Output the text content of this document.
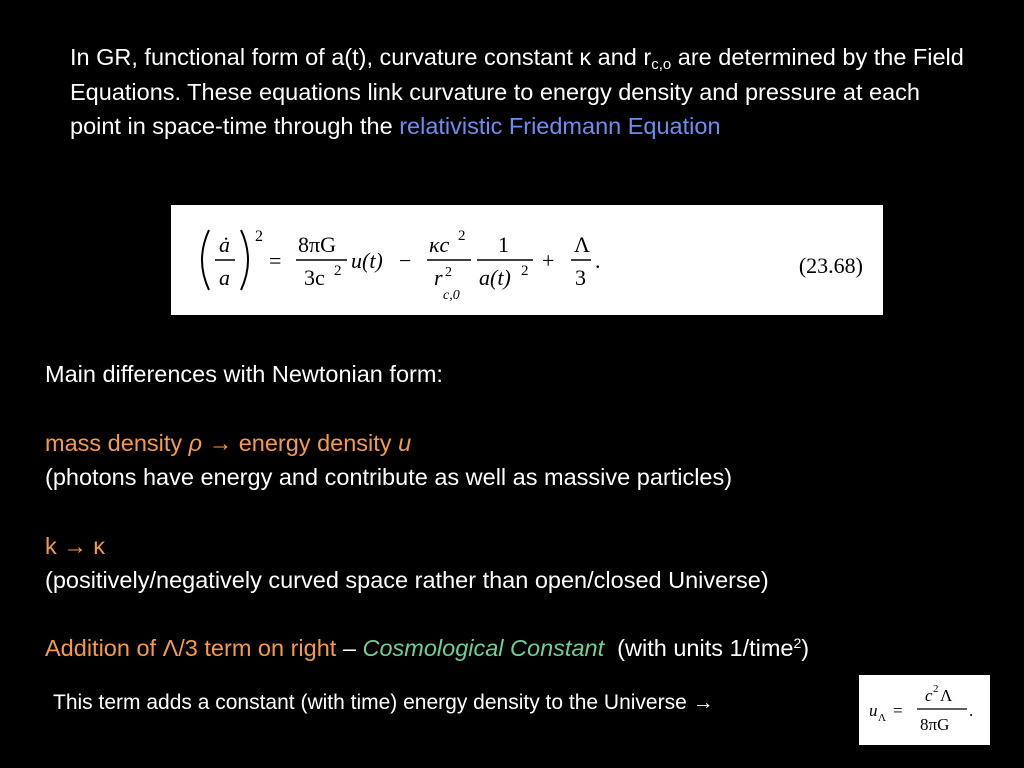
In GR, functional form of a(t), curvature constant κ and $r_{c,o}$ are determined by the Field Equations. These equations link curvature to energy density and pressure at each point in space-time through the relativistic Friedmann Equation
ȧ
a
2
=
8πG
3c 2 u(t) −
κc 2
r 2
c,0
1
a(t) 2 +
Λ
3
.	(23.68)
Main differences with Newtonian form:
mass density ρ → energy density u
(photons have energy and contribute as well as massive particles)
k → κ
(positively/negatively curved space rather than open/closed Universe)
Addition of Λ/3 term on right – Cosmological Constant  (with units 1/time$^2$)
This term adds a constant (with time) energy density to the Universe →	u Λ =
c 2 Λ
8πG
.
